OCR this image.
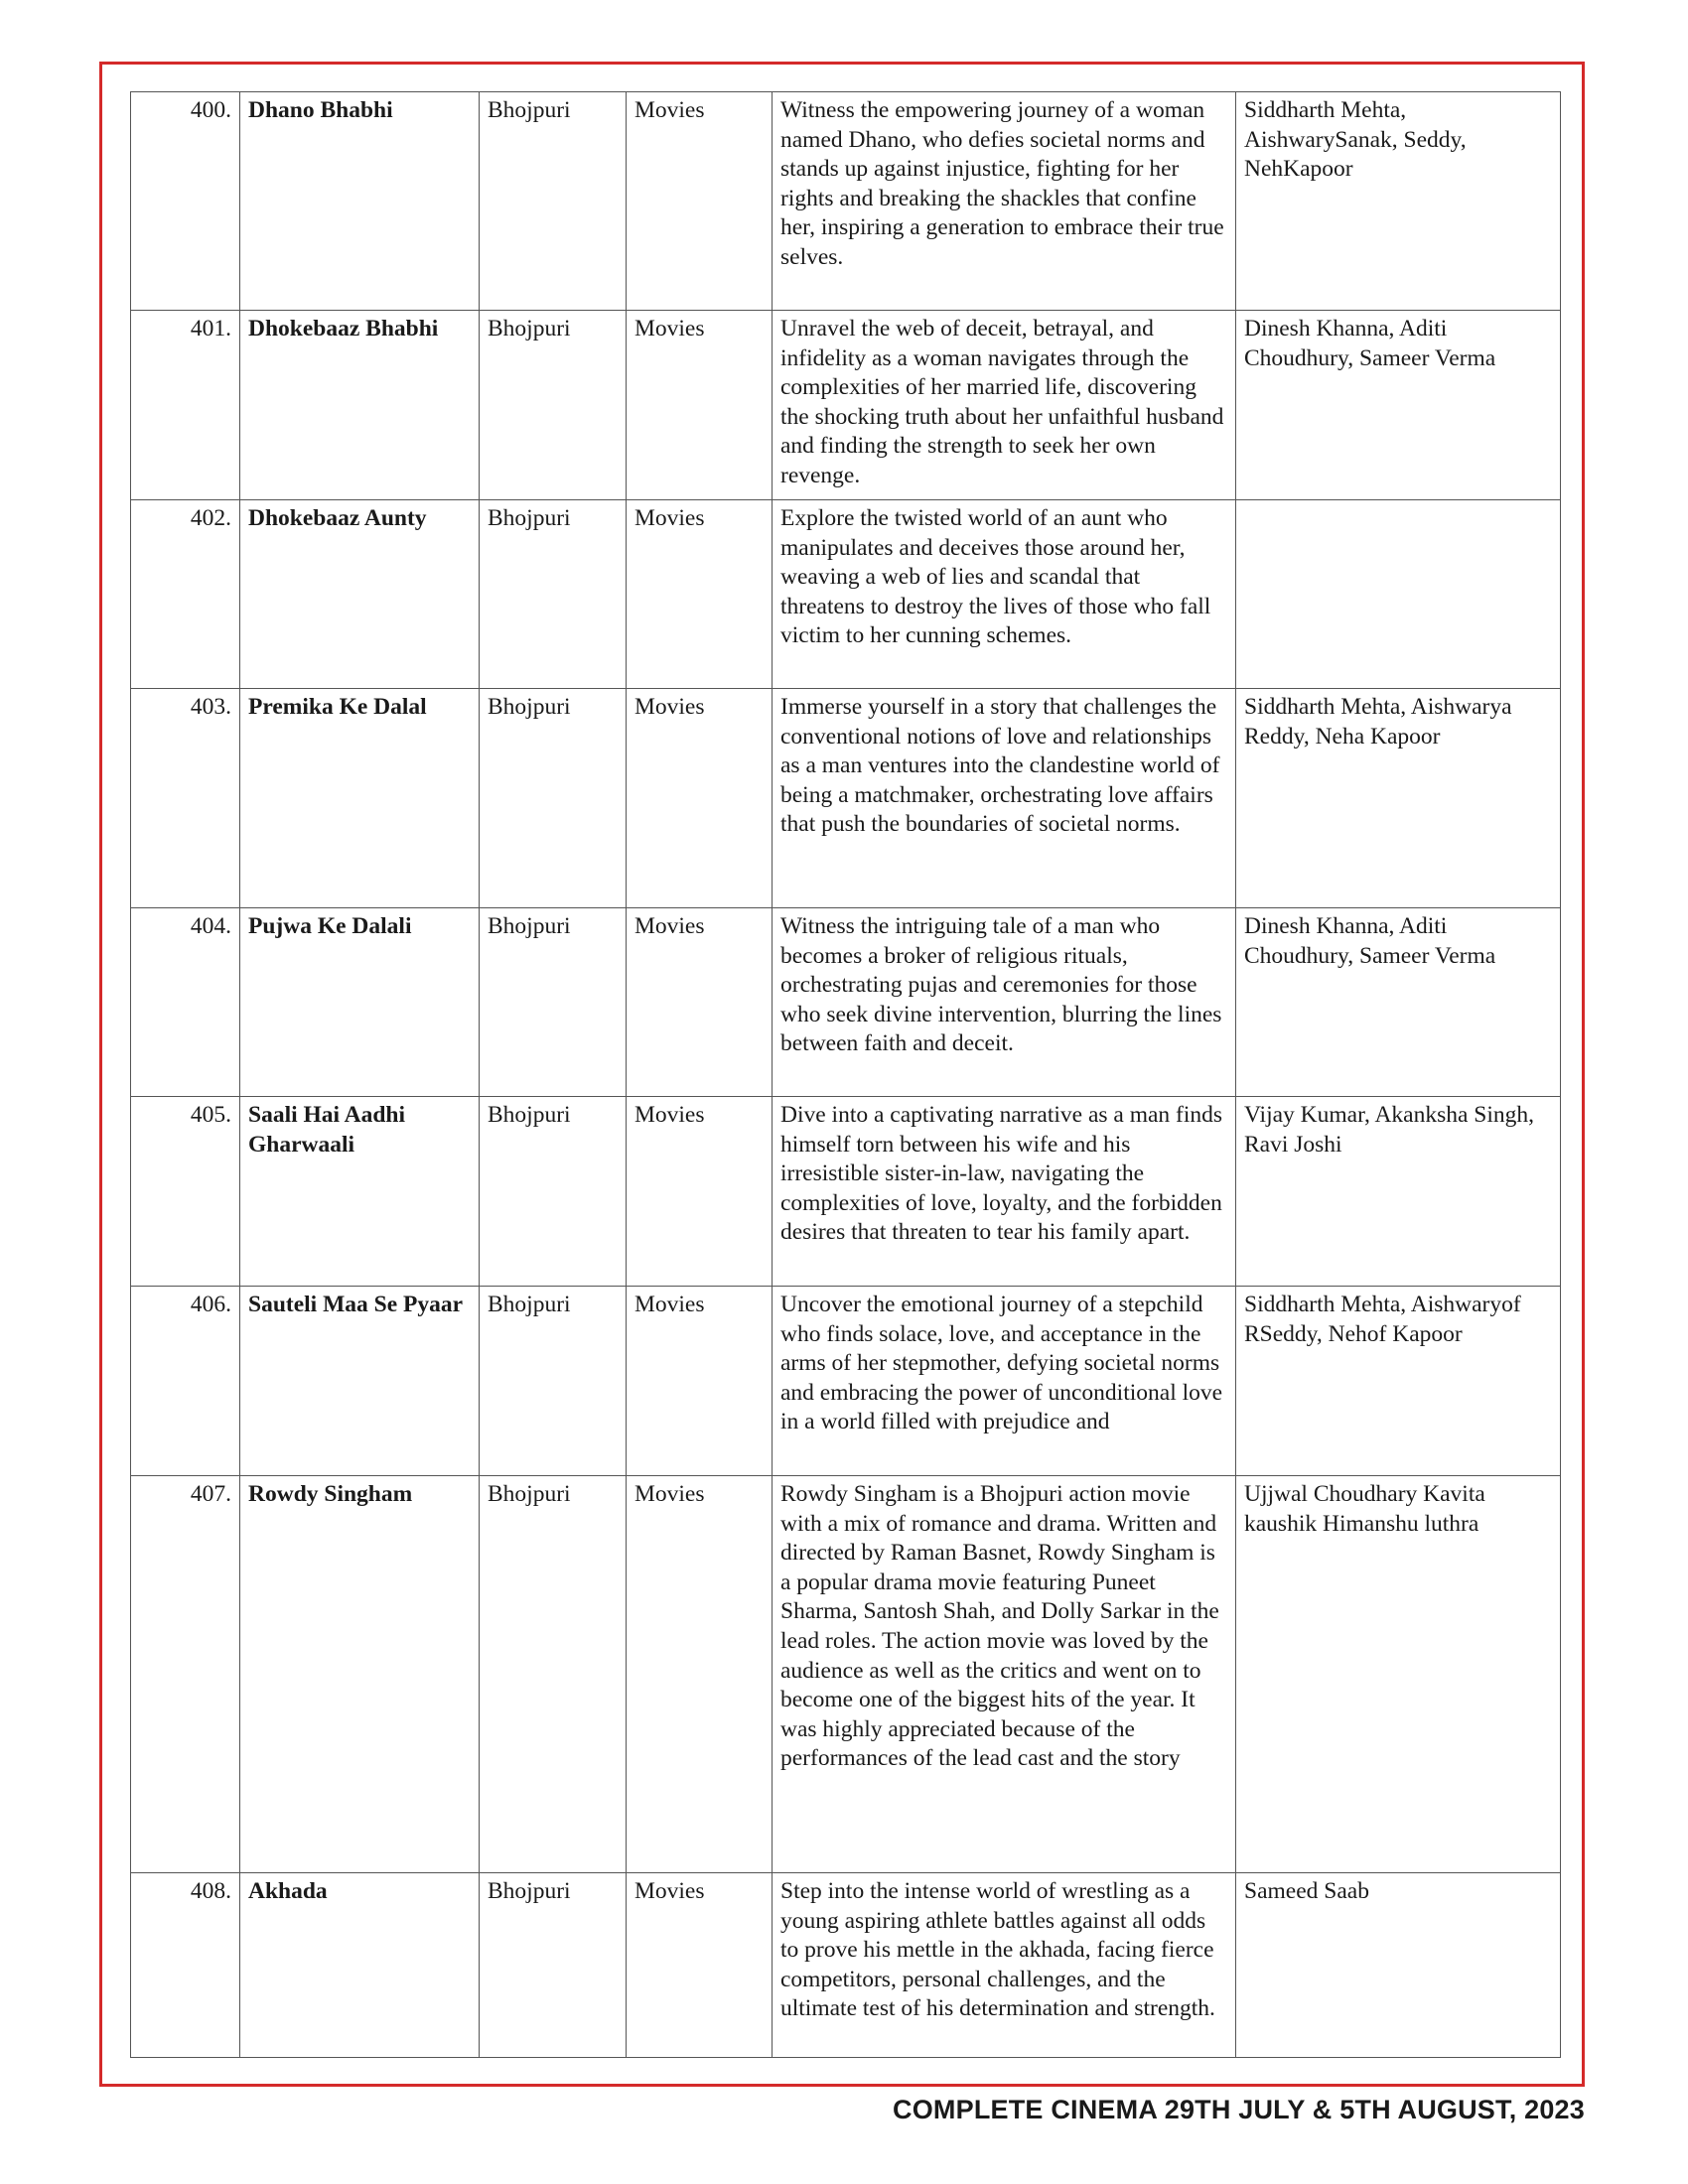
400.	Dhano Bhabhi	Bhojpuri	Movies	Witness the empowering journey of a woman named Dhano, who defies societal norms and stands up against injustice, fighting for her rights and breaking the shackles that confine her, inspiring a generation to embrace their true selves.	Siddharth Mehta, AishwarySanak, Seddy, NehKapoor
401.	Dhokebaaz Bhabhi	Bhojpuri	Movies	Unravel the web of deceit, betrayal, and infidelity as a woman navigates through the complexities of her married life, discovering the shocking truth about her unfaithful husband and finding the strength to seek her own revenge.	Dinesh Khanna, Aditi Choudhury, Sameer Verma
402.	Dhokebaaz Aunty	Bhojpuri	Movies	Explore the twisted world of an aunt who manipulates and deceives those around her, weaving a web of lies and scandal that threatens to destroy the lives of those who fall victim to her cunning schemes.	
403.	Premika Ke Dalal	Bhojpuri	Movies	Immerse yourself in a story that challenges the conventional notions of love and relationships as a man ventures into the clandestine world of being a matchmaker, orchestrating love affairs that push the boundaries of societal norms.	Siddharth Mehta, Aishwarya Reddy, Neha Kapoor
404.	Pujwa Ke Dalali	Bhojpuri	Movies	Witness the intriguing tale of a man who becomes a broker of religious rituals, orchestrating pujas and ceremonies for those who seek divine intervention, blurring the lines between faith and deceit.	Dinesh Khanna, Aditi Choudhury, Sameer Verma
405.	Saali Hai Aadhi Gharwaali	Bhojpuri	Movies	Dive into a captivating narrative as a man finds himself torn between his wife and his irresistible sister-in-law, navigating the complexities of love, loyalty, and the forbidden desires that threaten to tear his family apart.	Vijay Kumar, Akanksha Singh, Ravi Joshi
406.	Sauteli Maa Se Pyaar	Bhojpuri	Movies	Uncover the emotional journey of a stepchild who finds solace, love, and acceptance in the arms of her stepmother, defying societal norms and embracing the power of unconditional love in a world filled with prejudice and	Siddharth Mehta, Aishwaryof RSeddy, Nehof Kapoor
407.	Rowdy Singham	Bhojpuri	Movies	Rowdy Singham is a Bhojpuri action movie with a mix of romance and drama. Written and directed by Raman Basnet, Rowdy Singham is a popular drama movie featuring Puneet Sharma, Santosh Shah, and Dolly Sarkar in the lead roles. The action movie was loved by the audience as well as the critics and went on to become one of the biggest hits of the year. It was highly appreciated because of the performances of the lead cast and the story	Ujjwal Choudhary Kavita kaushik Himanshu luthra
408.	Akhada	Bhojpuri	Movies	Step into the intense world of wrestling as a young aspiring athlete battles against all odds to prove his mettle in the akhada, facing fierce competitors, personal challenges, and the ultimate test of his determination and strength.	Sameed Saab
COMPLETE CINEMA 29TH JULY & 5TH AUGUST, 2023
